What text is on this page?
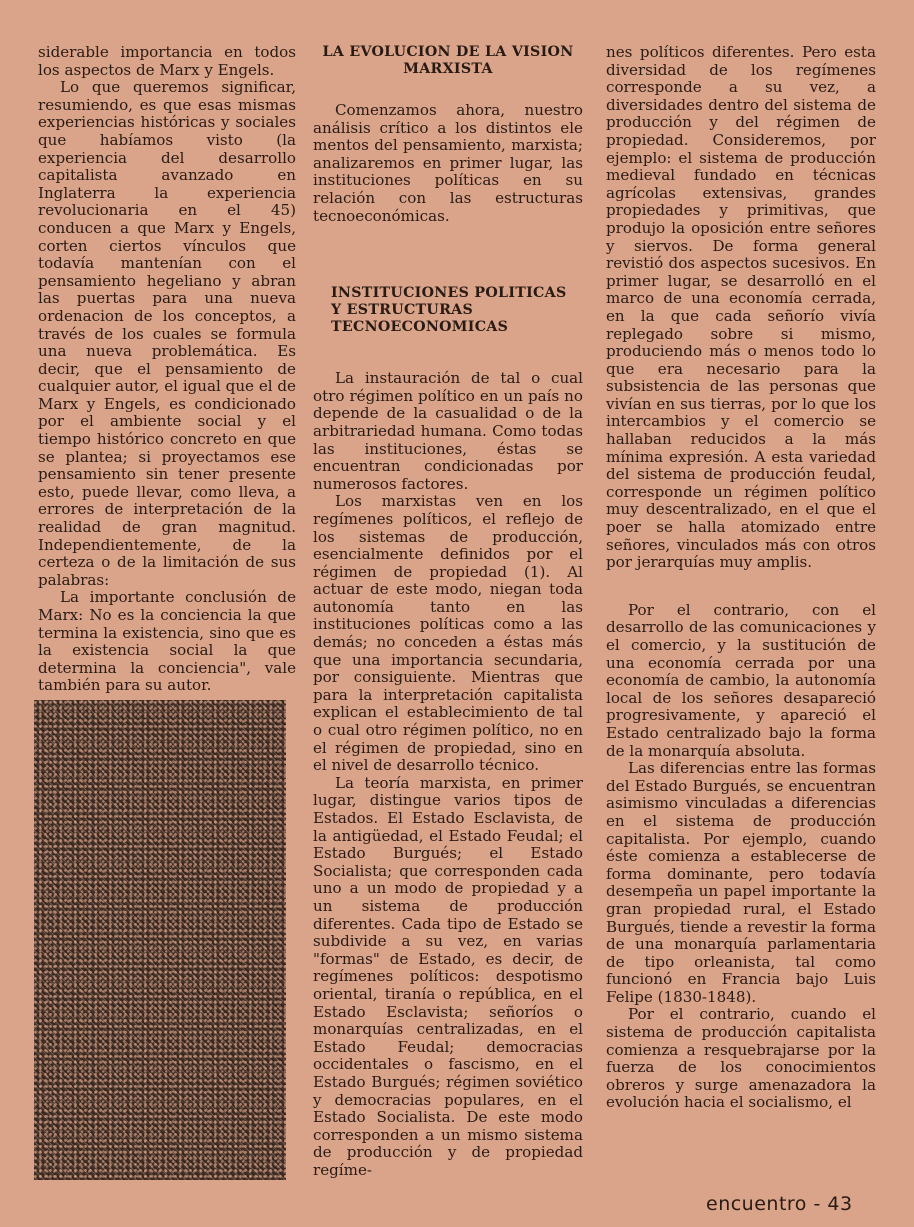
siderable importancia en todos los aspectos de Marx y Engels.

Lo que queremos significar, resumiendo, es que esas mismas experiencias históricas y sociales que habíamos visto (la experiencia del desarrollo capitalista avanzado en Inglaterra la experiencia revolucionaria en el 45) conducen a que Marx y Engels, corten ciertos vínculos que todavía mantenían con el pensamiento hegeliano y abran las puertas para una nueva ordenacion de los conceptos, a través de los cuales se formula una nueva problemática. Es decir, que el pensamiento de cualquier autor, el igual que el de Marx y Engels, es condicionado por el ambiente social y el tiempo histórico concreto en que se plantea; si proyectamos ese pensamiento sin tener presente esto, puede llevar, como lleva, a errores de interpretación de la realidad de gran magnitud. Independientemente, de la certeza o de la limitación de sus palabras:

La importante conclusión de Marx: No es la conciencia la que termina la existencia, sino que es la existencia social la que determina la conciencia", vale también para su autor.

LA EVOLUCION DE LA VISION MARXISTA

Comenzamos ahora, nuestro análisis crítico a los distintos ele mentos del pensamiento, marxista; analizaremos en primer lugar, las instituciones políticas en su relación con las estructuras tecnoeconómicas.

INSTITUCIONES POLITICAS
Y ESTRUCTURAS
TECNOECONOMICAS

La instauración de tal o cual otro régimen político en un país no depende de la casualidad o de la arbitrariedad humana. Como todas las instituciones, éstas se encuentran condicionadas por numerosos factores.

Los marxistas ven en los regímenes políticos, el reflejo de los sistemas de producción, esencialmente definidos por el régimen de propiedad (1). Al actuar de este modo, niegan toda autonomía tanto en las instituciones políticas como a las demás; no conceden a éstas más que una importancia secundaria, por consiguiente. Mientras que para la interpretación capitalista explican el establecimiento de tal o cual otro régimen político, no en el régimen de propiedad, sino en el nivel de desarrollo técnico.

La teoría marxista, en primer lugar, distingue varios tipos de Estados. El Estado Esclavista, de la antigüedad, el Estado Feudal; el Estado Burgués; el Estado Socialista; que corresponden cada uno a un modo de propiedad y a un sistema de producción diferentes. Cada tipo de Estado se subdivide a su vez, en varias "formas" de Estado, es decir, de regímenes políticos: despotismo oriental, tiranía o república, en el Estado Esclavista; señoríos o monarquías centralizadas, en el Estado Feudal; democracias occidentales o fascismo, en el Estado Burgués; régimen soviético y democracias populares, en el Estado Socialista. De este modo corresponden a un mismo sistema de producción y de propiedad regíme-

nes políticos diferentes. Pero esta diversidad de los regímenes corresponde a su vez, a diversidades dentro del sistema de producción y del régimen de propiedad. Consideremos, por ejemplo: el sistema de producción medieval fundado en técnicas agrícolas extensivas, grandes propiedades y primitivas, que produjo la oposición entre señores y siervos. De forma general revistió dos aspectos sucesivos. En primer lugar, se desarrolló en el marco de una economía cerrada, en la que cada señorío vivía replegado sobre si mismo, produciendo más o menos todo lo que era necesario para la subsistencia de las personas que vivían en sus tierras, por lo que los intercambios y el comercio se hallaban reducidos a la más mínima expresión. A esta variedad del sistema de producción feudal, corresponde un régimen político muy descentralizado, en el que el poer se halla atomizado entre señores, vinculados más con otros por jerarquías muy amplis.

Por el contrario, con el desarrollo de las comunicaciones y el comercio, y la sustitución de una economía cerrada por una economía de cambio, la autonomía local de los señores desapareció progresivamente, y apareció el Estado centralizado bajo la forma de la monarquía absoluta.

Las diferencias entre las formas del Estado Burgués, se encuentran asimismo vinculadas a diferencias en el sistema de producción capitalista. Por ejemplo, cuando éste comienza a establecerse de forma dominante, pero todavía desempeña un papel importante la gran propiedad rural, el Estado Burgués, tiende a revestir la forma de una monarquía parlamentaria de tipo orleanista, tal como funcionó en Francia bajo Luis Felipe (1830-1848).

Por el contrario, cuando el sistema de producción capitalista comienza a resquebrajarse por la fuerza de los conocimientos obreros y surge amenazadora la evolución hacia el socialismo, el

encuentro - 43
